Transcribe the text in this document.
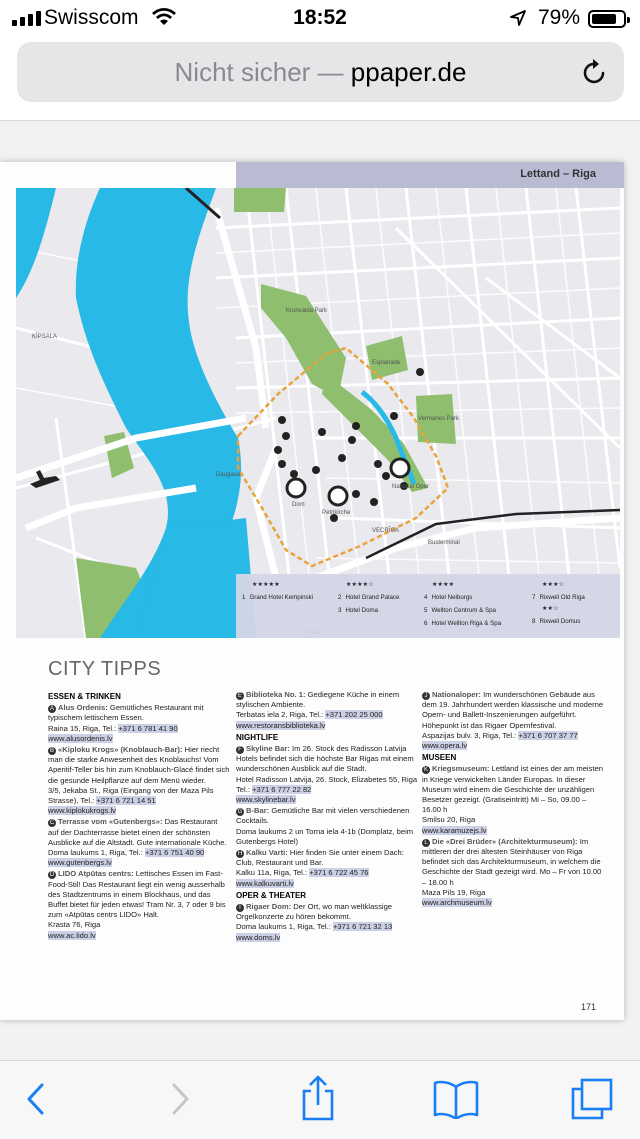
Swisscom	18:52	79%
Nicht sicher — ppaper.de
Lettand – Riga
ĶĪPSALA
Esplanade
Kronvalda Park
Vermanes Park
Daugava
Busterminal
Dom
Petrikirche
National Oper
VECRĪGA
★★★★★
1 Grand Hotel Kempinski
★★★★☆
2 Hotel Grand Palace
3 Hotel Doma
★★★★
4 Hotel Neiburgs
5 Wellton Centrum & Spa
6 Hotel Wellton Riga & Spa
★★★☆
7 Rixwell Old Riga
★★☆
8 Rixwell Domus
CITY TIPPS
ESSEN & TRINKEN
A Alus Ordenis: Gemütliches Restaurant mit typischem lettischem Essen.
Raina 15, Riga, Tel.: +371 6 781 41 90
www.alusordenis.lv
B «Kiploku Krogs» (Knoblauch-Bar): Hier riecht man die starke Anwesenheit des Knoblauchs! Vom Aperitif-Teller bis hin zum Knoblauch-Glacé findet sich die gesunde Heilpflanze auf dem Menü wieder.
3/5, Jekaba St., Riga (Eingang von der Maza Pils Strasse), Tel.: +371 6 721 14 51
www.kiplokukrogs.lv
C Terrasse vom «Gutenbergs»: Das Restaurant auf der Dachterrasse bietet einen der schönsten Ausblicke auf die Altstadt. Gute internationale Küche.
Doma laukums 1, Riga, Tel.: +371 6 751 40 90
www.gutenbergs.lv
D LIDO Atpūtas centrs: Lettisches Essen im Fast-Food-Stil! Das Restaurant liegt ein wenig ausserhalb des Stadtzentrums in einem Blockhaus, und das Buffet bietet für jeden etwas! Tram Nr. 3, 7 oder 9 bis zum «Atpūtas centrs LIDO» Halt.
Krasta 76, Riga
www.ac.lido.lv
E Biblioteka No. 1: Gediegene Küche in einem stylischen Ambiente.
Terbatas iela 2, Riga, Tel.: +371 202 25 000
www.restoransbiblioteka.lv
NIGHTLIFE
F Skyline Bar: Im 26. Stock des Radisson Latvija Hotels befindet sich die höchste Bar Rigas mit einem wunderschönen Ausblick auf die Stadt.
Hotel Radisson Latvija, 26. Stock, Elizabetes 55, Riga Tel.: +371 6 777 22 82
www.skylinebar.lv
G B-Bar: Gemütliche Bar mit vielen verschiedenen Cocktails.
Doma laukums 2 un Torna iela 4-1b (Domplatz, beim Gutenbergs Hotel)
H Kalku Varti: Hier finden Sie unter einem Dach: Club, Restaurant und Bar.
Kalku 11a, Riga, Tel.: +371 6 722 45 76
www.kalkuvarti.lv
OPER & THEATER
I Rigaer Dom: Der Ort, wo man weltklassige Orgelkonzerte zu hören bekommt.
Doma laukums 1, Riga, Tel.: +371 6 721 32 13
www.doms.lv
J Nationaloper: Im wunderschönen Gebäude aus dem 19. Jahrhundert werden klassische und moderne Opern- und Ballett-Inszenierungen aufgeführt. Höhepunkt ist das Rigaer Opernfestival.
Aspazijas bulv. 3, Riga, Tel.: +371 6 707 37 77
www.opera.lv
MUSEEN
K Kriegsmuseum: Lettland ist eines der am meisten in Kriege verwickelten Länder Europas. In dieser Museum wird einem die Geschichte der unzähligen Besetzer gezeigt. (Gratiseintritt) Mi – So, 09.00 – 16.00 h
Smilsu 20, Riga
www.karamuzejs.lv
L Die «Drei Brüder» (Architekturmuseum): Im mittleren der drei ältesten Steinhäuser von Riga befindet sich das Architekturmuseum, in welchem die Geschichte der Stadt gezeigt wird. Mo – Fr von 10.00 – 18.00 h
Maza Pils 19, Riga
www.archmuseum.lv
171
